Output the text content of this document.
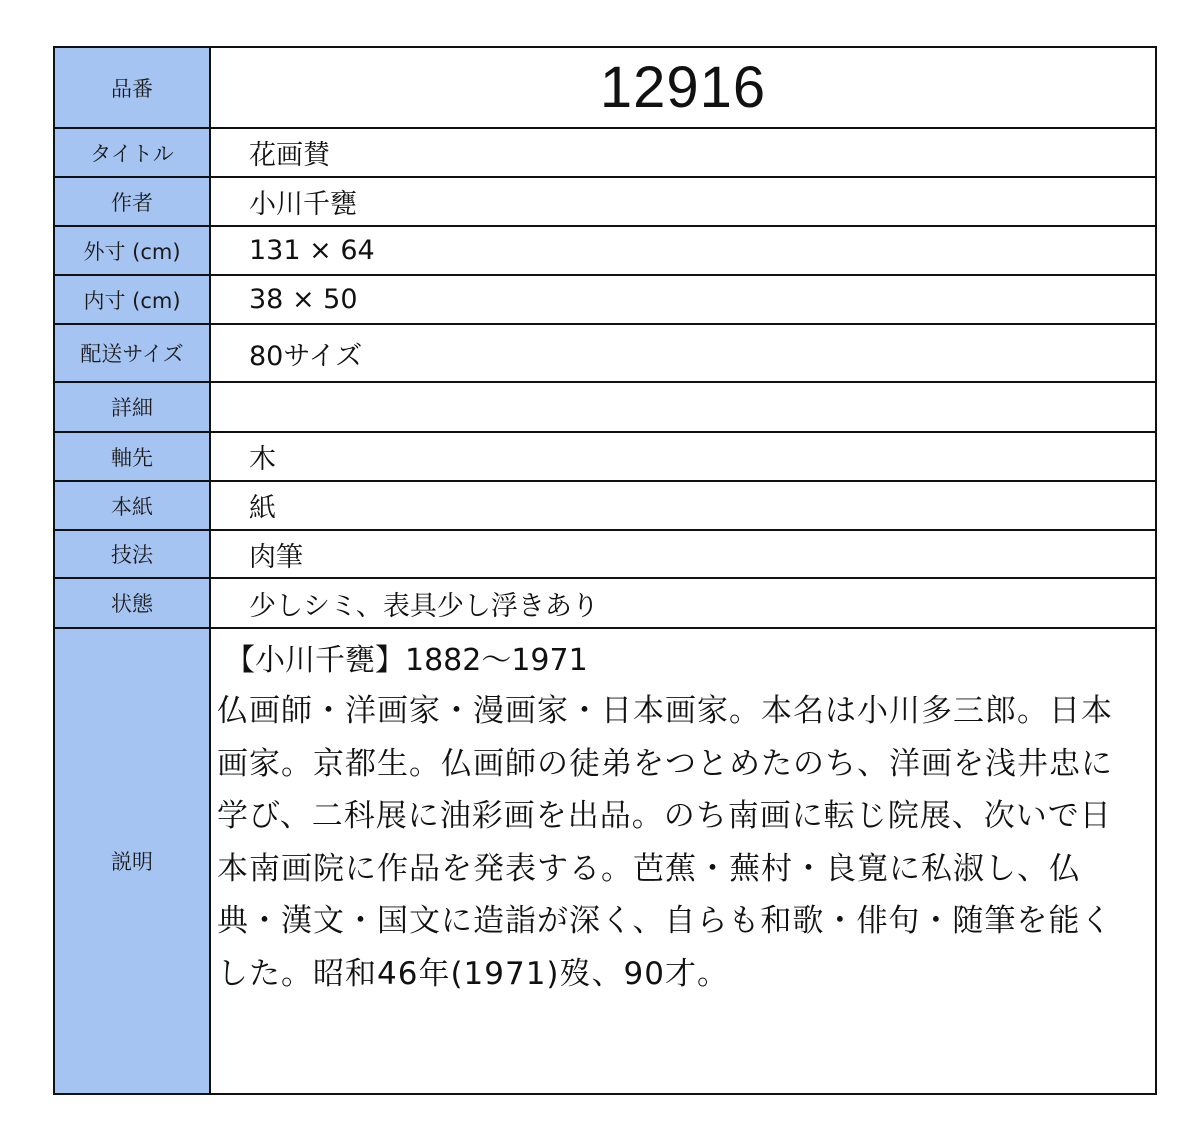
品番	12916
タイトル	花画賛
作者	小川千甕
外寸 (cm)	131 × 64
内寸 (cm)	38 × 50
配送サイズ	80サイズ
詳細	
軸先	木
本紙	紙
技法	肉筆
状態	少しシミ、表具少し浮きあり
説明	【小川千甕】1882〜1971
仏画師・洋画家・漫画家・日本画家。本名は小川多三郎。日本画家。京都生。仏画師の徒弟をつとめたのち、洋画を浅井忠に学び、二科展に油彩画を出品。のち南画に転じ院展、次いで日本南画院に作品を発表する。芭蕉・蕪村・良寛に私淑し、仏典・漢文・国文に造詣が深く、自らも和歌・俳句・随筆を能くした。昭和46年(1971)歿、90才。
